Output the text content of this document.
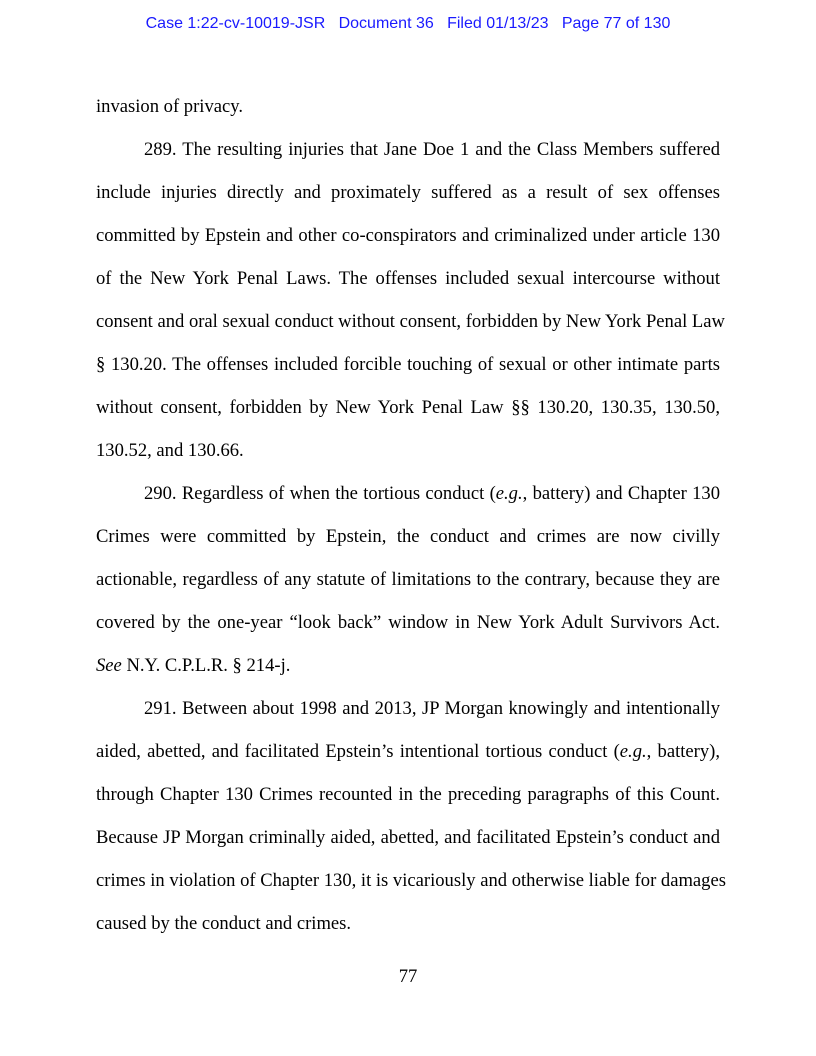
Case 1:22-cv-10019-JSR   Document 36   Filed 01/13/23   Page 77 of 130
invasion of privacy.
289. The resulting injuries that Jane Doe 1 and the Class Members suffered
include injuries directly and proximately suffered as a result of sex offenses
committed by Epstein and other co-conspirators and criminalized under article 130
of the New York Penal Laws. The offenses included sexual intercourse without
consent and oral sexual conduct without consent, forbidden by New York Penal Law
§ 130.20. The offenses included forcible touching of sexual or other intimate parts
without consent, forbidden by New York Penal Law §§ 130.20, 130.35, 130.50,
130.52, and 130.66.
290. Regardless of when the tortious conduct (e.g., battery) and Chapter 130
Crimes were committed by Epstein, the conduct and crimes are now civilly
actionable, regardless of any statute of limitations to the contrary, because they are
covered by the one-year “look back” window in New York Adult Survivors Act.
See N.Y. C.P.L.R. § 214-j.
291. Between about 1998 and 2013, JP Morgan knowingly and intentionally
aided, abetted, and facilitated Epstein’s intentional tortious conduct (e.g., battery),
through Chapter 130 Crimes recounted in the preceding paragraphs of this Count.
Because JP Morgan criminally aided, abetted, and facilitated Epstein’s conduct and
crimes in violation of Chapter 130, it is vicariously and otherwise liable for damages
caused by the conduct and crimes.
77
